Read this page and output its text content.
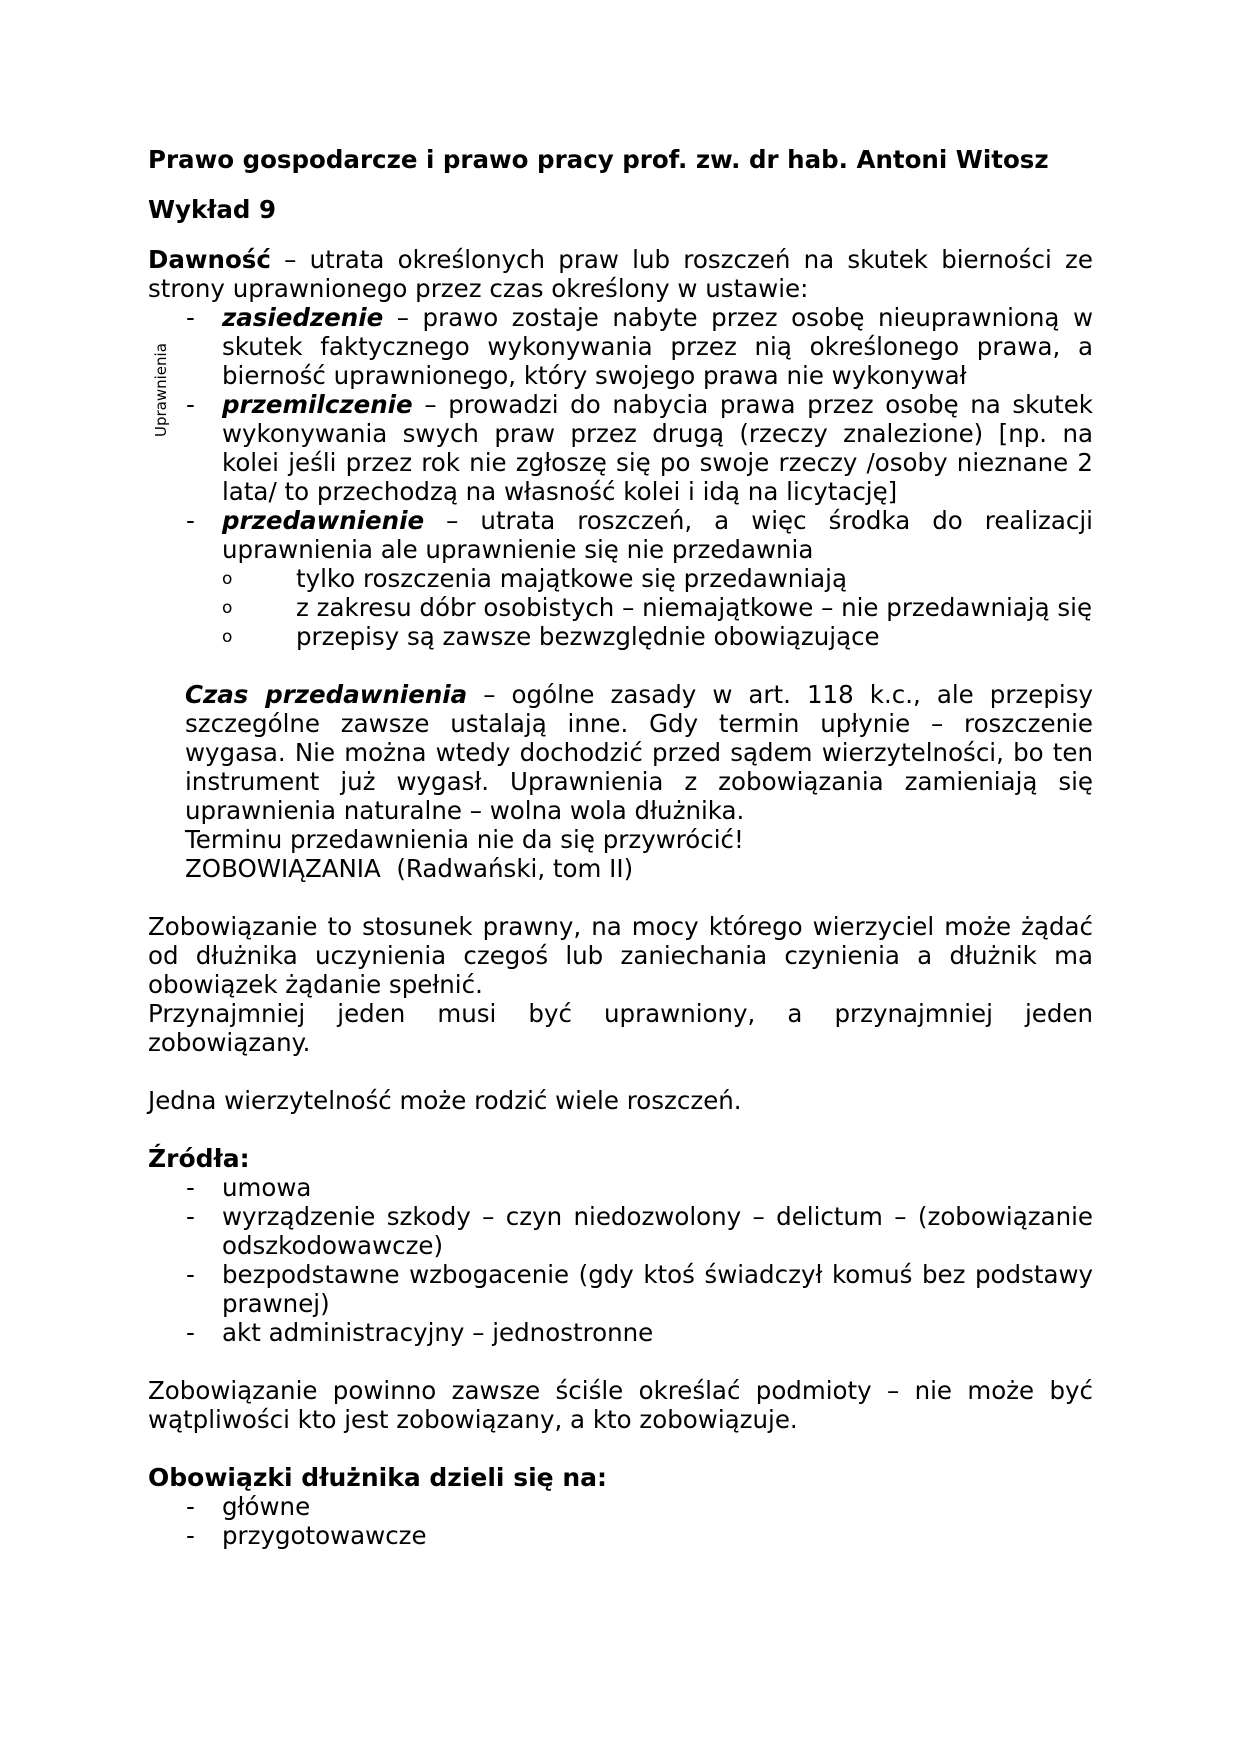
Uprawnienia

Prawo gospodarcze i prawo pracy prof. zw. dr hab. Antoni Witosz

Wykład 9

Dawność – utrata określonych praw lub roszczeń na skutek bierności ze strony uprawnionego przez czas określony w ustawie:

- zasiedzenie – prawo zostaje nabyte przez osobę nieuprawnioną w skutek faktycznego wykonywania przez nią określonego prawa, a bierność uprawnionego, który swojego prawa nie wykonywał
- przemilczenie – prowadzi do nabycia prawa przez osobę na skutek wykonywania swych praw przez drugą (rzeczy znalezione) [np. na kolei jeśli przez rok nie zgłoszę się po swoje rzeczy /osoby nieznane 2 lata/ to przechodzą na własność kolei i idą na licytację]
- przedawnienie – utrata roszczeń, a więc środka do realizacji uprawnienia ale uprawnienie się nie przedawnia
o	tylko roszczenia majątkowe się przedawniają
o	z zakresu dóbr osobistych – niemajątkowe – nie przedawniają się
o	przepisy są zawsze bezwzględnie obowiązujące

Czas przedawnienia – ogólne zasady w art. 118 k.c., ale przepisy szczególne zawsze ustalają inne. Gdy termin upłynie – roszczenie wygasa. Nie można wtedy dochodzić przed sądem wierzytelności, bo ten instrument już wygasł. Uprawnienia z zobowiązania zamieniają się uprawnienia naturalne – wolna wola dłużnika.

Terminu przedawnienia nie da się przywrócić!

ZOBOWIĄZANIA  (Radwański, tom II)

Zobowiązanie to stosunek prawny, na mocy którego wierzyciel może żądać od dłużnika uczynienia czegoś lub zaniechania czynienia a dłużnik ma obowiązek żądanie spełnić.

Przynajmniej jeden musi być uprawniony, a przynajmniej jeden zobowiązany.

Jedna wierzytelność może rodzić wiele roszczeń.

Źródła:

- umowa
- wyrządzenie szkody – czyn niedozwolony – delictum – (zobowiązanie odszkodowawcze)
- bezpodstawne wzbogacenie (gdy ktoś świadczył komuś bez podstawy prawnej)
- akt administracyjny – jednostronne

Zobowiązanie powinno zawsze ściśle określać podmioty – nie może być wątpliwości kto jest zobowiązany, a kto zobowiązuje.

Obowiązki dłużnika dzieli się na:

- główne
- przygotowawcze
